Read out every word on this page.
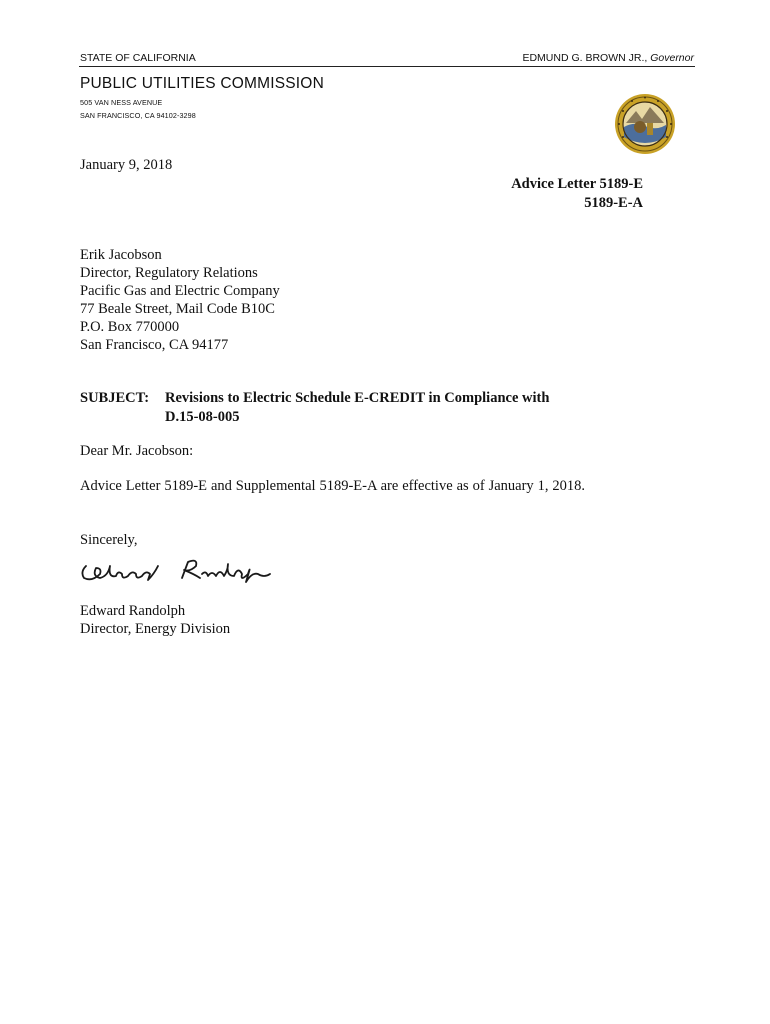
STATE OF CALIFORNIA	EDMUND G. BROWN JR., Governor
PUBLIC UTILITIES COMMISSION
505 VAN NESS AVENUE
SAN FRANCISCO, CA 94102-3298
January 9, 2018
Advice Letter 5189-E
5189-E-A
Erik Jacobson
Director, Regulatory Relations
Pacific Gas and Electric Company
77 Beale Street, Mail Code B10C
P.O. Box 770000
San Francisco, CA 94177
SUBJECT: Revisions to Electric Schedule E-CREDIT in Compliance with
D.15-08-005
Dear Mr. Jacobson:
Advice Letter 5189-E and Supplemental 5189-E-A are effective as of January 1, 2018.
Sincerely,
Edward Randolph
Director, Energy Division
